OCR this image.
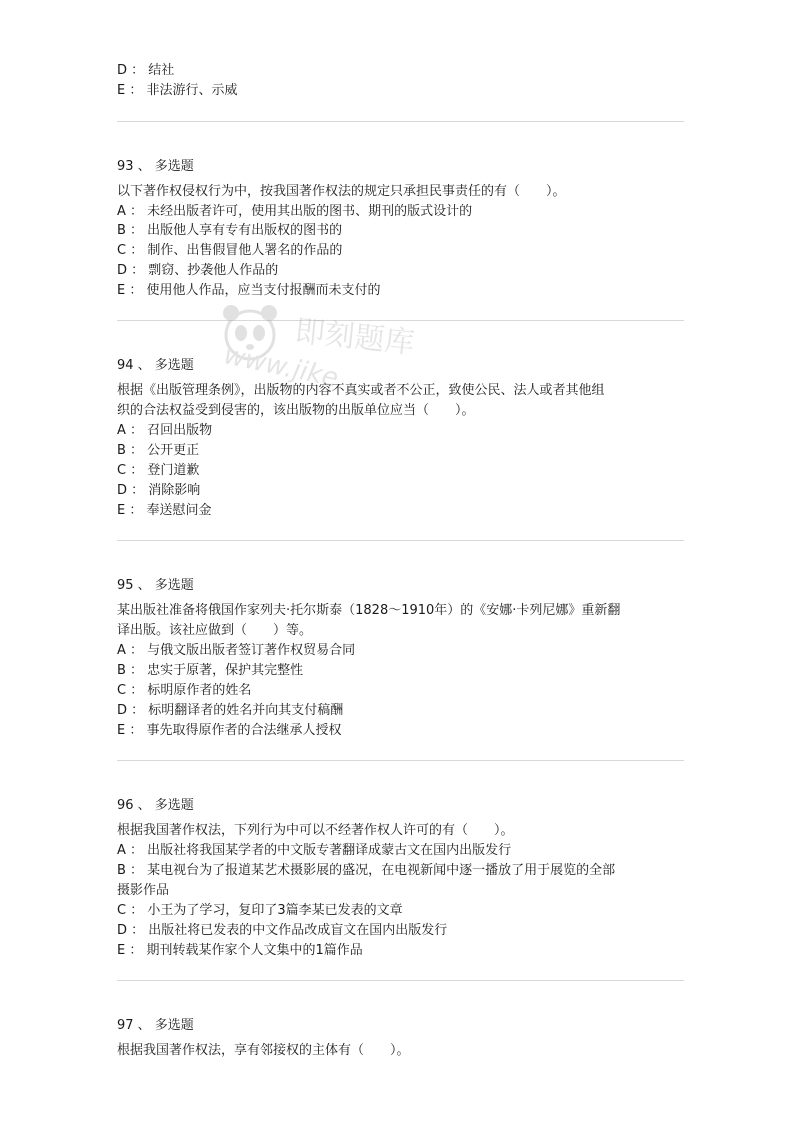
D ： 结社
E ： 非法游行、示威
93 、 多选题
以下著作权侵权行为中，按我国著作权法的规定只承担民事责任的有（　　）。
A ： 未经出版者许可，使用其出版的图书、期刊的版式设计的
B ： 出版他人享有专有出版权的图书的
C ： 制作、出售假冒他人署名的作品的
D ： 剽窃、抄袭他人作品的
E ： 使用他人作品，应当支付报酬而未支付的
94 、 多选题
根据《出版管理条例》，出版物的内容不真实或者不公正，致使公民、法人或者其他组
织的合法权益受到侵害的，该出版物的出版单位应当（　　）。
A ： 召回出版物
B ： 公开更正
C ： 登门道歉
D ： 消除影响
E ： 奉送慰问金
95 、 多选题
某出版社准备将俄国作家列夫·托尔斯泰（1828～1910年）的《安娜·卡列尼娜》重新翻
译出版。该社应做到（　　）等。
A ： 与俄文版出版者签订著作权贸易合同
B ： 忠实于原著，保护其完整性
C ： 标明原作者的姓名
D ： 标明翻译者的姓名并向其支付稿酬
E ： 事先取得原作者的合法继承人授权
96 、 多选题
根据我国著作权法，下列行为中可以不经著作权人许可的有（　　）。
A ： 出版社将我国某学者的中文版专著翻译成蒙古文在国内出版发行
B ： 某电视台为了报道某艺术摄影展的盛况，在电视新闻中逐一播放了用于展览的全部
摄影作品
C ： 小王为了学习，复印了3篇李某已发表的文章
D ： 出版社将已发表的中文作品改成盲文在国内出版发行
E ： 期刊转载某作家个人文集中的1篇作品
97 、 多选题
根据我国著作权法，享有邻接权的主体有（　　）。
即刻题库
www.jike
